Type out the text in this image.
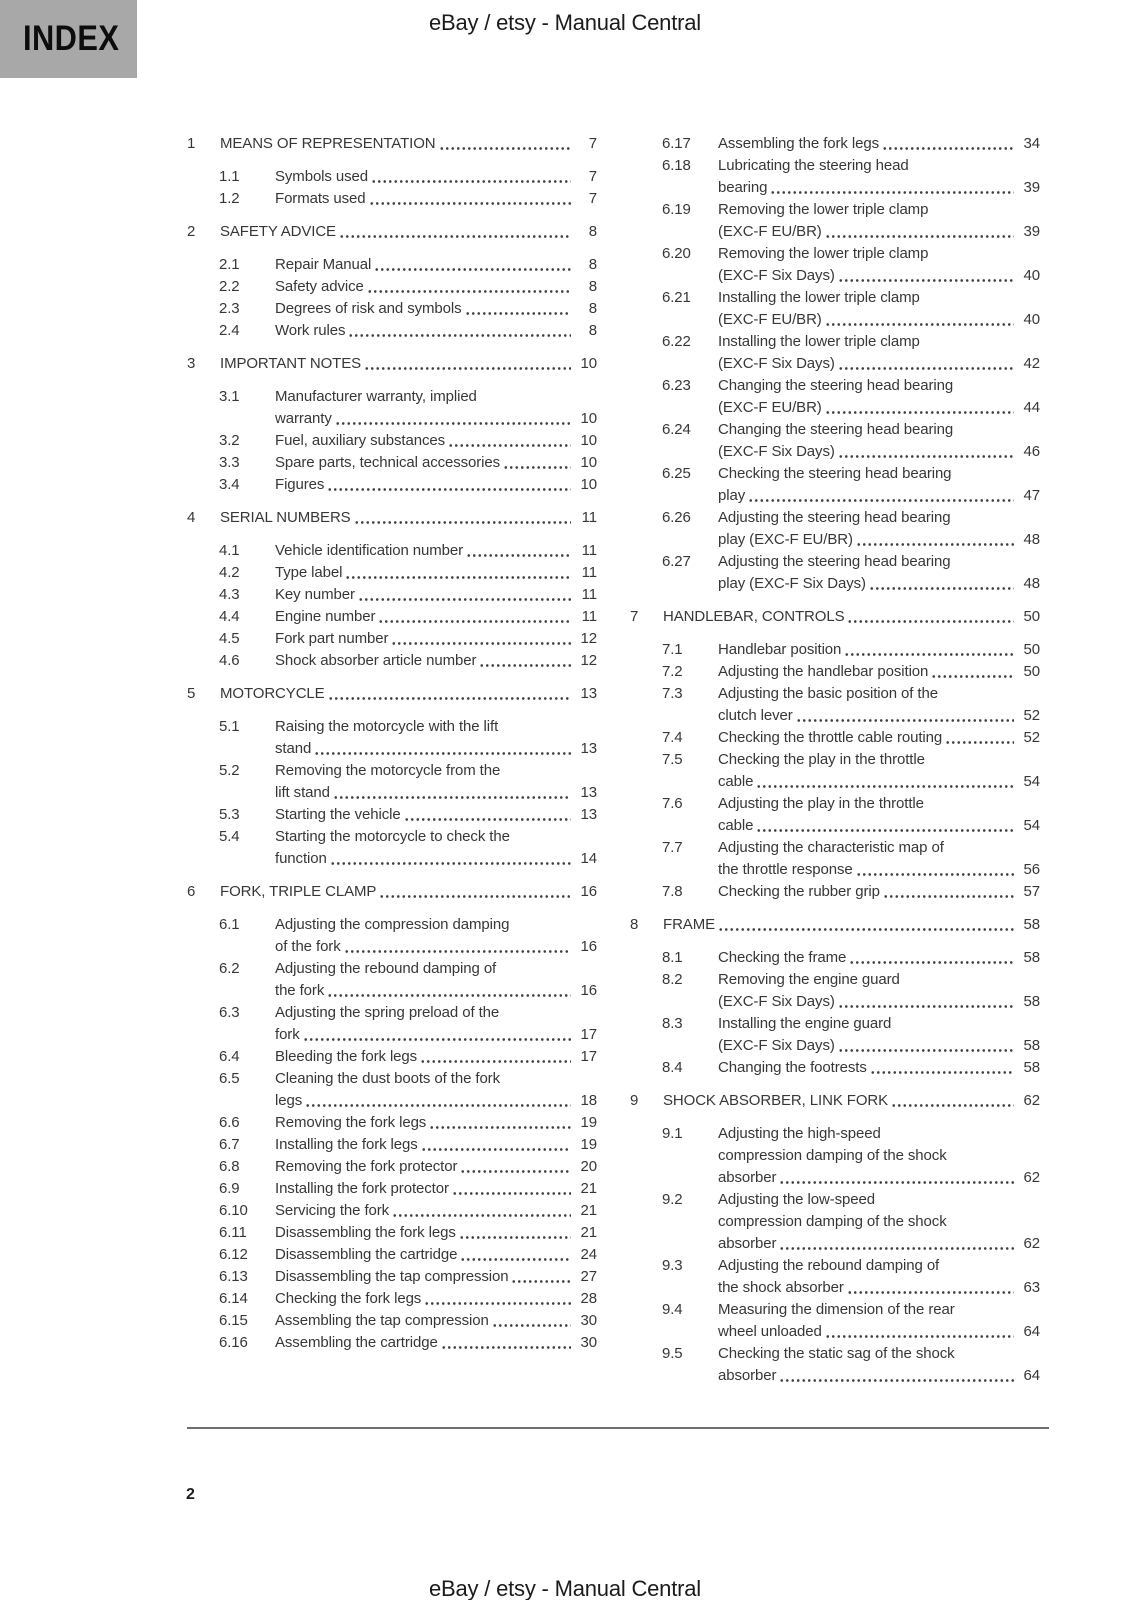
INDEX	eBay / etsy - Manual Central
1	MEANS OF REPRESENTATION	7
1.1	Symbols used	7
1.2	Formats used	7
2	SAFETY ADVICE	8
2.1	Repair Manual	8
2.2	Safety advice	8
2.3	Degrees of risk and symbols	8
2.4	Work rules	8
3	IMPORTANT NOTES	10
3.1	Manufacturer warranty, implied
warranty	10
3.2	Fuel, auxiliary substances	10
3.3	Spare parts, technical accessories	10
3.4	Figures	10
4	SERIAL NUMBERS	11
4.1	Vehicle identification number	11
4.2	Type label	11
4.3	Key number	11
4.4	Engine number	11
4.5	Fork part number	12
4.6	Shock absorber article number	12
5	MOTORCYCLE	13
5.1	Raising the motorcycle with the lift
stand	13
5.2	Removing the motorcycle from the
lift stand	13
5.3	Starting the vehicle	13
5.4	Starting the motorcycle to check the
function	14
6	FORK, TRIPLE CLAMP	16
6.1	Adjusting the compression damping
of the fork	16
6.2	Adjusting the rebound damping of
the fork	16
6.3	Adjusting the spring preload of the
fork	17
6.4	Bleeding the fork legs	17
6.5	Cleaning the dust boots of the fork
legs	18
6.6	Removing the fork legs	19
6.7	Installing the fork legs	19
6.8	Removing the fork protector	20
6.9	Installing the fork protector	21
6.10	Servicing the fork	21
6.11	Disassembling the fork legs	21
6.12	Disassembling the cartridge	24
6.13	Disassembling the tap compression	27
6.14	Checking the fork legs	28
6.15	Assembling the tap compression	30
6.16	Assembling the cartridge	30
6.17	Assembling the fork legs	34
6.18	Lubricating the steering head
bearing	39
6.19	Removing the lower triple clamp
(EXC-F EU/BR)	39
6.20	Removing the lower triple clamp
(EXC-F Six Days)	40
6.21	Installing the lower triple clamp
(EXC-F EU/BR)	40
6.22	Installing the lower triple clamp
(EXC-F Six Days)	42
6.23	Changing the steering head bearing
(EXC-F EU/BR)	44
6.24	Changing the steering head bearing
(EXC-F Six Days)	46
6.25	Checking the steering head bearing
play	47
6.26	Adjusting the steering head bearing
play (EXC-F EU/BR)	48
6.27	Adjusting the steering head bearing
play (EXC-F Six Days)	48
7	HANDLEBAR, CONTROLS	50
7.1	Handlebar position	50
7.2	Adjusting the handlebar position	50
7.3	Adjusting the basic position of the
clutch lever	52
7.4	Checking the throttle cable routing	52
7.5	Checking the play in the throttle
cable	54
7.6	Adjusting the play in the throttle
cable	54
7.7	Adjusting the characteristic map of
the throttle response	56
7.8	Checking the rubber grip	57
8	FRAME	58
8.1	Checking the frame	58
8.2	Removing the engine guard
(EXC-F Six Days)	58
8.3	Installing the engine guard
(EXC-F Six Days)	58
8.4	Changing the footrests	58
9	SHOCK ABSORBER, LINK FORK	62
9.1	Adjusting the high-speed
compression damping of the shock
absorber	62
9.2	Adjusting the low-speed
compression damping of the shock
absorber	62
9.3	Adjusting the rebound damping of
the shock absorber	63
9.4	Measuring the dimension of the rear
wheel unloaded	64
9.5	Checking the static sag of the shock
absorber	64
2
eBay / etsy - Manual Central
